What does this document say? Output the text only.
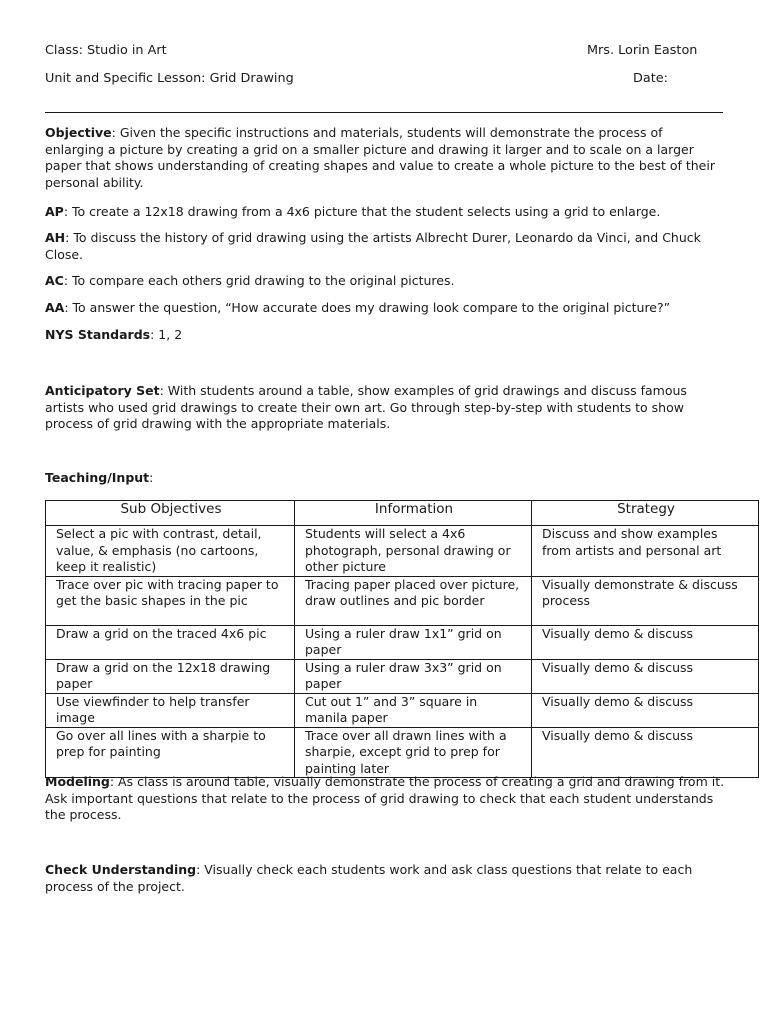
Class: Studio in Art	Mrs. Lorin Easton
Unit and Specific Lesson: Grid Drawing	Date:

Objective: Given the specific instructions and materials, students will demonstrate the process of enlarging a picture by creating a grid on a smaller picture and drawing it larger and to scale on a larger paper that shows understanding of creating shapes and value to create a whole picture to the best of their personal ability.

AP: To create a 12x18 drawing from a 4x6 picture that the student selects using a grid to enlarge.

AH: To discuss the history of grid drawing using the artists Albrecht Durer, Leonardo da Vinci, and Chuck Close.

AC: To compare each others grid drawing to the original pictures.

AA: To answer the question, “How accurate does my drawing look compare to the original picture?”

NYS Standards: 1, 2

Anticipatory Set: With students around a table, show examples of grid drawings and discuss famous artists who used grid drawings to create their own art. Go through step-by-step with students to show process of grid drawing with the appropriate materials.

Teaching/Input:

Sub Objectives	Information	Strategy
Select a pic with contrast, detail, value, & emphasis (no cartoons, keep it realistic)	Students will select a 4x6 photograph, personal drawing or other picture	Discuss and show examples from artists and personal art
Trace over pic with tracing paper to get the basic shapes in the pic	Tracing paper placed over picture, draw outlines and pic border	Visually demonstrate & discuss process
Draw a grid on the traced 4x6 pic	Using a ruler draw 1x1” grid on paper	Visually demo & discuss
Draw a grid on the 12x18 drawing paper	Using a ruler draw 3x3” grid on paper	Visually demo & discuss
Use viewfinder to help transfer image	Cut out 1” and 3” square in manila paper	Visually demo & discuss
Go over all lines with a sharpie to prep for painting	Trace over all drawn lines with a sharpie, except grid to prep for painting later	Visually demo & discuss

Modeling: As class is around table, visually demonstrate the process of creating a grid and drawing from it. Ask important questions that relate to the process of grid drawing to check that each student understands the process.

Check Understanding: Visually check each students work and ask class questions that relate to each process of the project.
